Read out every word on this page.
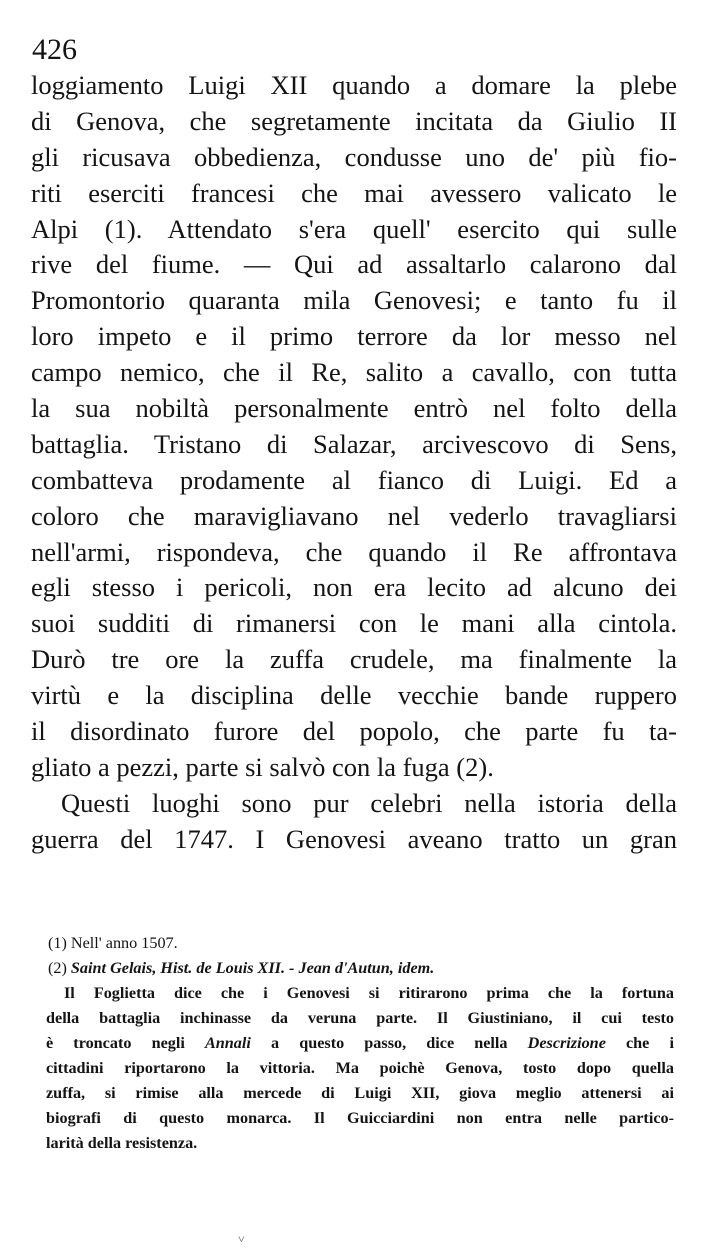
426
loggiamento Luigi XII quando a domare la plebe
di Genova, che segretamente incitata da Giulio II
gli ricusava obbedienza, condusse uno de' più fio-
riti eserciti francesi che mai avessero valicato le
Alpi (1). Attendato s'era quell' esercito qui sulle
rive del fiume. — Qui ad assaltarlo calarono dal
Promontorio quaranta mila Genovesi; e tanto fu il
loro impeto e il primo terrore da lor messo nel
campo nemico, che il Re, salito a cavallo, con tutta
la sua nobiltà personalmente entrò nel folto della
battaglia. Tristano di Salazar, arcivescovo di Sens,
combatteva prodamente al fianco di Luigi. Ed a
coloro che maravigliavano nel vederlo travagliarsi
nell'armi, rispondeva, che quando il Re affrontava
egli stesso i pericoli, non era lecito ad alcuno dei
suoi sudditi di rimanersi con le mani alla cintola.
Durò tre ore la zuffa crudele, ma finalmente la
virtù e la disciplina delle vecchie bande ruppero
il disordinato furore del popolo, che parte fu ta-
gliato a pezzi, parte si salvò con la fuga (2).
Questi luoghi sono pur celebri nella istoria della
guerra del 1747. I Genovesi aveano tratto un gran
(1) Nell' anno 1507.
(2) Saint Gelais, Hist. de Louis XII. - Jean d'Autun, idem.
Il Foglietta dice che i Genovesi si ritirarono prima che la fortuna
della battaglia inchinasse da veruna parte. Il Giustiniano, il cui testo
è troncato negli Annali a questo passo, dice nella Descrizione che i
cittadini riportarono la vittoria. Ma poichè Genova, tosto dopo quella
zuffa, si rimise alla mercede di Luigi XII, giova meglio attenersi ai
biografi di questo monarca. Il Guicciardini non entra nelle partico-
larità della resistenza.
˅
